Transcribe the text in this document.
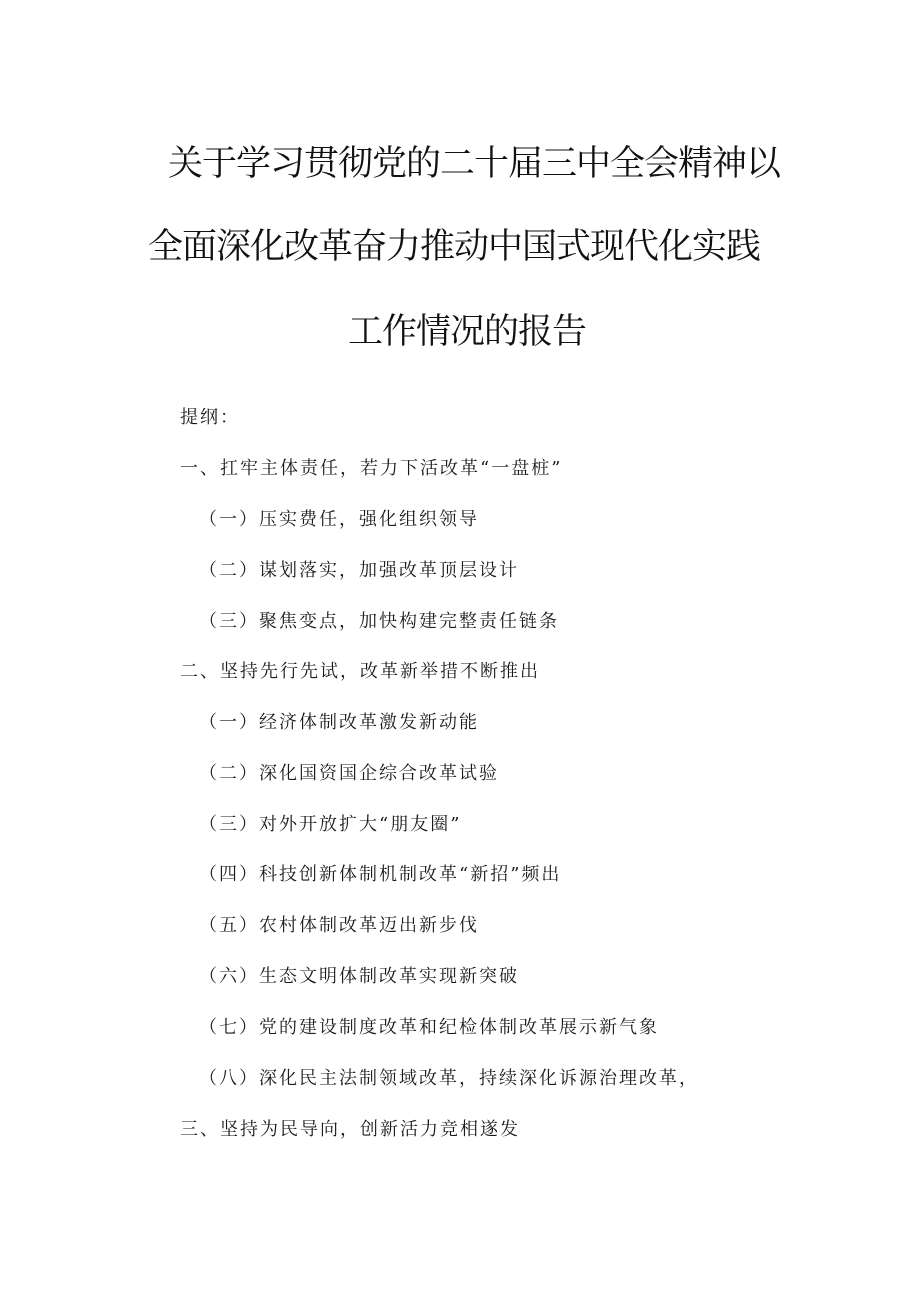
关于学习贯彻党的二十届三中全会精神以
全面深化改革奋力推动中国式现代化实践
工作情况的报告
提纲：
一、扛牢主体责任，若力下活改革“一盘桩”
（一）压实费任，强化组织领导
（二）谋划落实，加强改革顶层设计
（三）聚焦变点，加快构建完整责任链条
二、坚持先行先试，改革新举措不断推出
（一）经济体制改革激发新动能
（二）深化国资国企综合改革试验
（三）对外开放扩大“朋友圈”
（四）科技创新体制机制改革“新招”频出
（五）农村体制改革迈出新步伐
（六）生态文明体制改革实现新突破
（七）党的建设制度改革和纪检体制改革展示新气象
（八）深化民主法制领域改革，持续深化诉源治理改革，
三、坚持为民导向，创新活力竞相遂发
